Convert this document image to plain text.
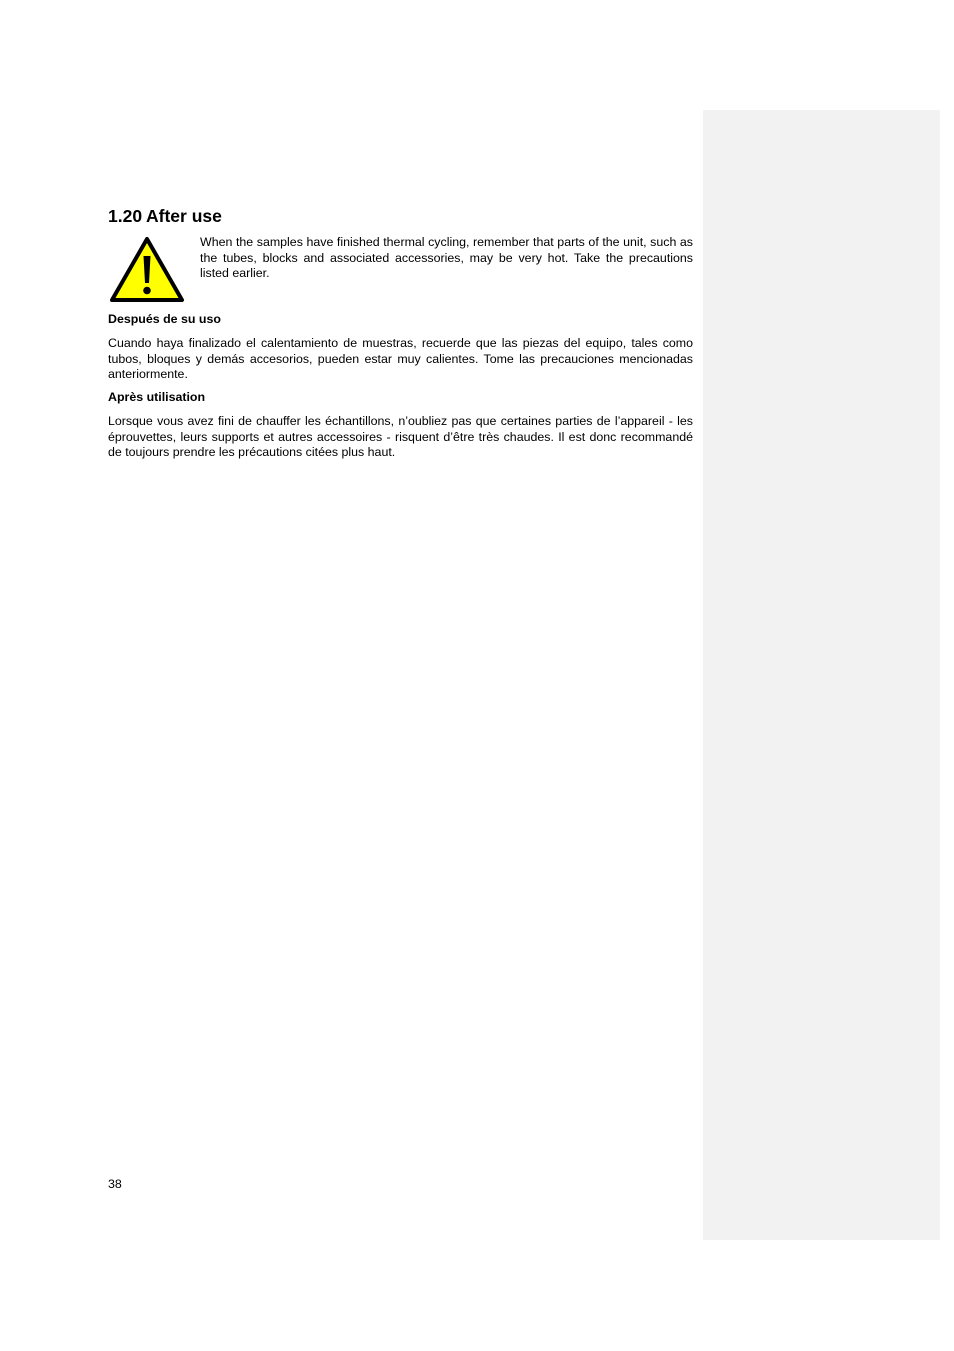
1.20 After use

When the samples have finished thermal cycling, remember that parts of the unit, such as the tubes, blocks and associated accessories, may be very hot. Take the precautions listed earlier.

Después de su uso

Cuando haya finalizado el calentamiento de muestras, recuerde que las piezas del equipo, tales como tubos, bloques y demás accesorios, pueden estar muy calientes. Tome las precauciones mencionadas anteriormente.

Après utilisation

Lorsque vous avez fini de chauffer les échantillons, n’oubliez pas que certaines parties de l’appareil - les éprouvettes, leurs supports et autres accessoires - risquent d’être très chaudes. Il est donc recommandé de toujours prendre les précautions citées plus haut.

38
